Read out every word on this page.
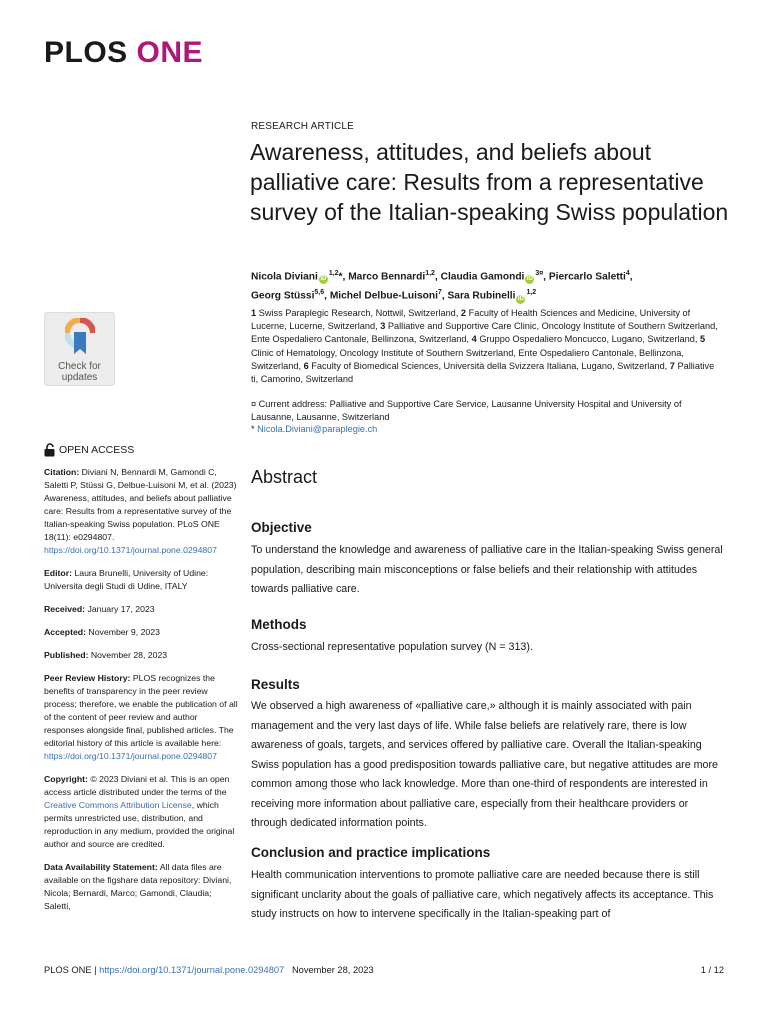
PLOS ONE
RESEARCH ARTICLE
Awareness, attitudes, and beliefs about palliative care: Results from a representative survey of the Italian-speaking Swiss population
Nicola Diviani iD$^{1,2}$*, Marco Bennardi$^{1,2}$, Claudia Gamondi $iD^{3¤}$, Piercarlo Saletti$^4$,
Georg Stüssi$^{5,6}$, Michel Delbue-Luisoni$^7$, Sara Rubinelli iD$^{1,2}$
1 Swiss Paraplegic Research, Nottwil, Switzerland, 2 Faculty of Health Sciences and Medicine, University of Lucerne, Lucerne, Switzerland, 3 Palliative and Supportive Care Clinic, Oncology Institute of Southern Switzerland, Ente Ospedaliero Cantonale, Bellinzona, Switzerland, 4 Gruppo Ospedaliero Moncucco, Lugano, Switzerland, 5 Clinic of Hematology, Oncology Institute of Southern Switzerland, Ente Ospedaliero Cantonale, Bellinzona, Switzerland, 6 Faculty of Biomedical Sciences, Università della Svizzera Italiana, Lugano, Switzerland, 7 Palliative ti, Camorino, Switzerland
¤ Current address: Palliative and Supportive Care Service, Lausanne University Hospital and University of Lausanne, Lausanne, Switzerland
* Nicola.Diviani@paraplegie.ch
Check for
updates
OPEN ACCESS

Citation: Diviani N, Bennardi M, Gamondi C, Saletti P, Stüssi G, Delbue-Luisoni M, et al. (2023) Awareness, attitudes, and beliefs about palliative care: Results from a representative survey of the Italian-speaking Swiss population. PLoS ONE 18(11): e0294807. https://doi.org/10.1371/journal.pone.0294807

Editor: Laura Brunelli, University of Udine: Universita degli Studi di Udine, ITALY

Received: January 17, 2023

Accepted: November 9, 2023

Published: November 28, 2023

Peer Review History: PLOS recognizes the benefits of transparency in the peer review process; therefore, we enable the publication of all of the content of peer review and author responses alongside final, published articles. The editorial history of this article is available here: https://doi.org/10.1371/journal.pone.0294807

Copyright: © 2023 Diviani et al. This is an open access article distributed under the terms of the Creative Commons Attribution License, which permits unrestricted use, distribution, and reproduction in any medium, provided the original author and source are credited.

Data Availability Statement: All data files are available on the figshare data repository: Diviani, Nicola; Bernardi, Marco; Gamondi, Claudia; Saletti,

Abstract
Objective
To understand the knowledge and awareness of palliative care in the Italian-speaking Swiss general population, describing main misconceptions or false beliefs and their relationship with attitudes towards palliative care.
Methods
Cross-sectional representative population survey (N = 313).
Results
We observed a high awareness of «palliative care,» although it is mainly associated with pain management and the very last days of life. While false beliefs are relatively rare, there is low awareness of goals, targets, and services offered by palliative care. Overall the Italian-speaking Swiss population has a good predisposition towards palliative care, but negative attitudes are more common among those who lack knowledge. More than one-third of respondents are interested in receiving more information about palliative care, especially from their healthcare providers or through dedicated information points.
Conclusion and practice implications
Health communication interventions to promote palliative care are needed because there is still significant unclarity about the goals of palliative care, which negatively affects its acceptance. This study instructs on how to intervene specifically in the Italian-speaking part of
PLOS ONE | https://doi.org/10.1371/journal.pone.0294807 November 28, 2023	1 / 12
